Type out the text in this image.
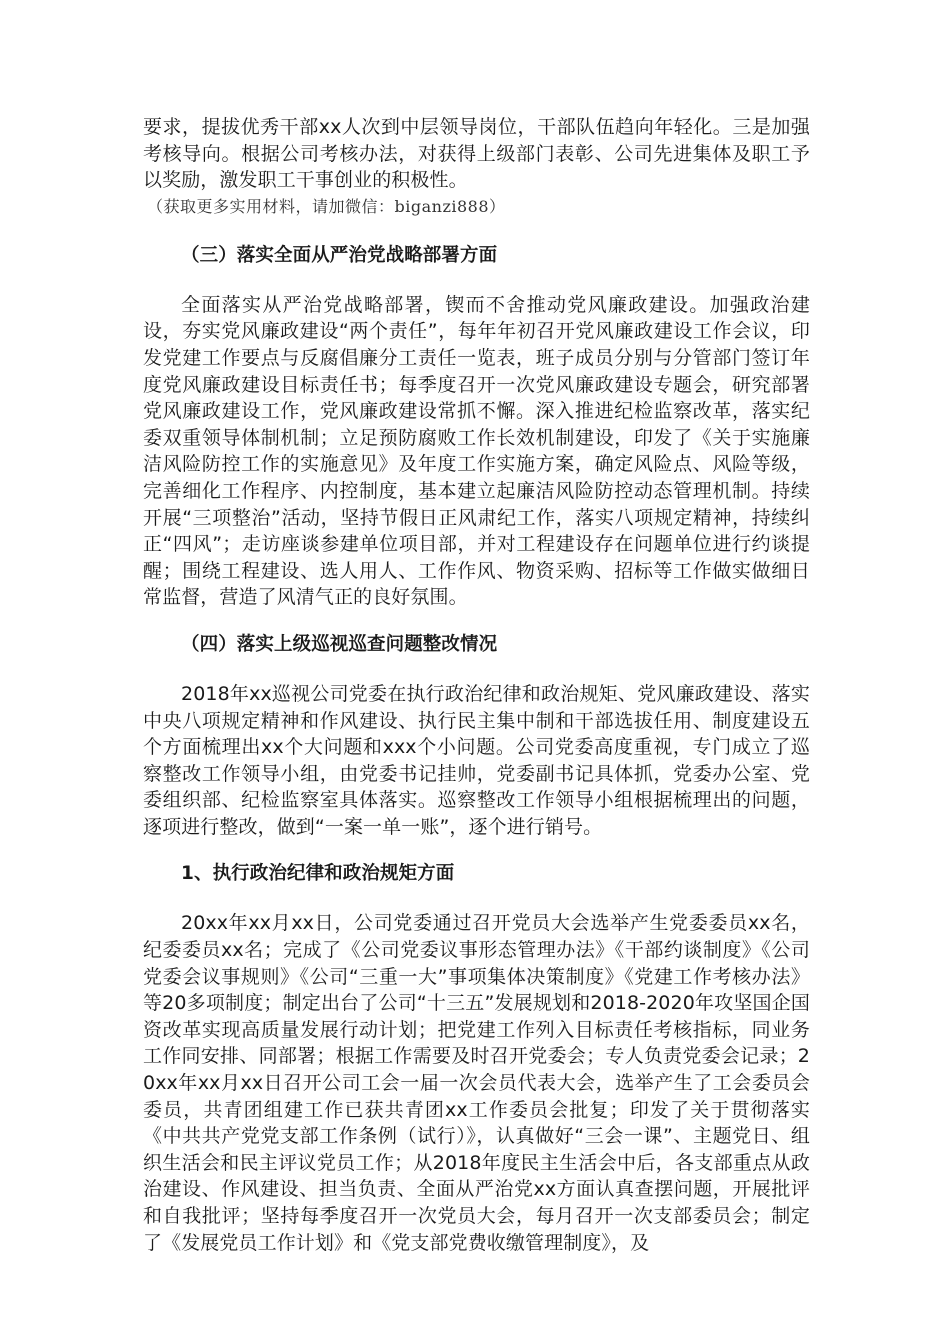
要求，提拔优秀干部xx人次到中层领导岗位，干部队伍趋向年轻化。三是加强考核导向。根据公司考核办法，对获得上级部门表彰、公司先进集体及职工予以奖励，激发职工干事创业的积极性。

（获取更多实用材料，请加微信：biganzi888）

（三）落实全面从严治党战略部署方面

全面落实从严治党战略部署，锲而不舍推动党风廉政建设。加强政治建设，夯实党风廉政建设“两个责任”，每年年初召开党风廉政建设工作会议，印发党建工作要点与反腐倡廉分工责任一览表，班子成员分别与分管部门签订年度党风廉政建设目标责任书；每季度召开一次党风廉政建设专题会，研究部署党风廉政建设工作，党风廉政建设常抓不懈。深入推进纪检监察改革，落实纪委双重领导体制机制；立足预防腐败工作长效机制建设，印发了《关于实施廉洁风险防控工作的实施意见》及年度工作实施方案，确定风险点、风险等级，完善细化工作程序、内控制度，基本建立起廉洁风险防控动态管理机制。持续开展“三项整治”活动，坚持节假日正风肃纪工作，落实八项规定精神，持续纠正“四风”；走访座谈参建单位项目部，并对工程建设存在问题单位进行约谈提醒；围绕工程建设、选人用人、工作作风、物资采购、招标等工作做实做细日常监督，营造了风清气正的良好氛围。

（四）落实上级巡视巡查问题整改情况

2018年xx巡视公司党委在执行政治纪律和政治规矩、党风廉政建设、落实中央八项规定精神和作风建设、执行民主集中制和干部选拔任用、制度建设五个方面梳理出xx个大问题和xxx个小问题。公司党委高度重视，专门成立了巡察整改工作领导小组，由党委书记挂帅，党委副书记具体抓，党委办公室、党委组织部、纪检监察室具体落实。巡察整改工作领导小组根据梳理出的问题，逐项进行整改，做到“一案一单一账”，逐个进行销号。

1、执行政治纪律和政治规矩方面

20xx年xx月xx日，公司党委通过召开党员大会选举产生党委委员xx名，纪委委员xx名；完成了《公司党委议事形态管理办法》《干部约谈制度》《公司党委会议事规则》《公司“三重一大”事项集体决策制度》《党建工作考核办法》等20多项制度；制定出台了公司“十三五”发展规划和2018-2020年攻坚国企国资改革实现高质量发展行动计划；把党建工作列入目标责任考核指标，同业务工作同安排、同部署；根据工作需要及时召开党委会；专人负责党委会记录；20xx年xx月xx日召开公司工会一届一次会员代表大会，选举产生了工会委员会委员，共青团组建工作已获共青团xx工作委员会批复；印发了关于贯彻落实《中共共产党党支部工作条例（试行）》，认真做好“三会一课”、主题党日、组织生活会和民主评议党员工作；从2018年度民主生活会中后，各支部重点从政治建设、作风建设、担当负责、全面从严治党xx方面认真查摆问题，开展批评和自我批评；坚持每季度召开一次党员大会，每月召开一次支部委员会；制定了《发展党员工作计划》和《党支部党费收缴管理制度》，及
